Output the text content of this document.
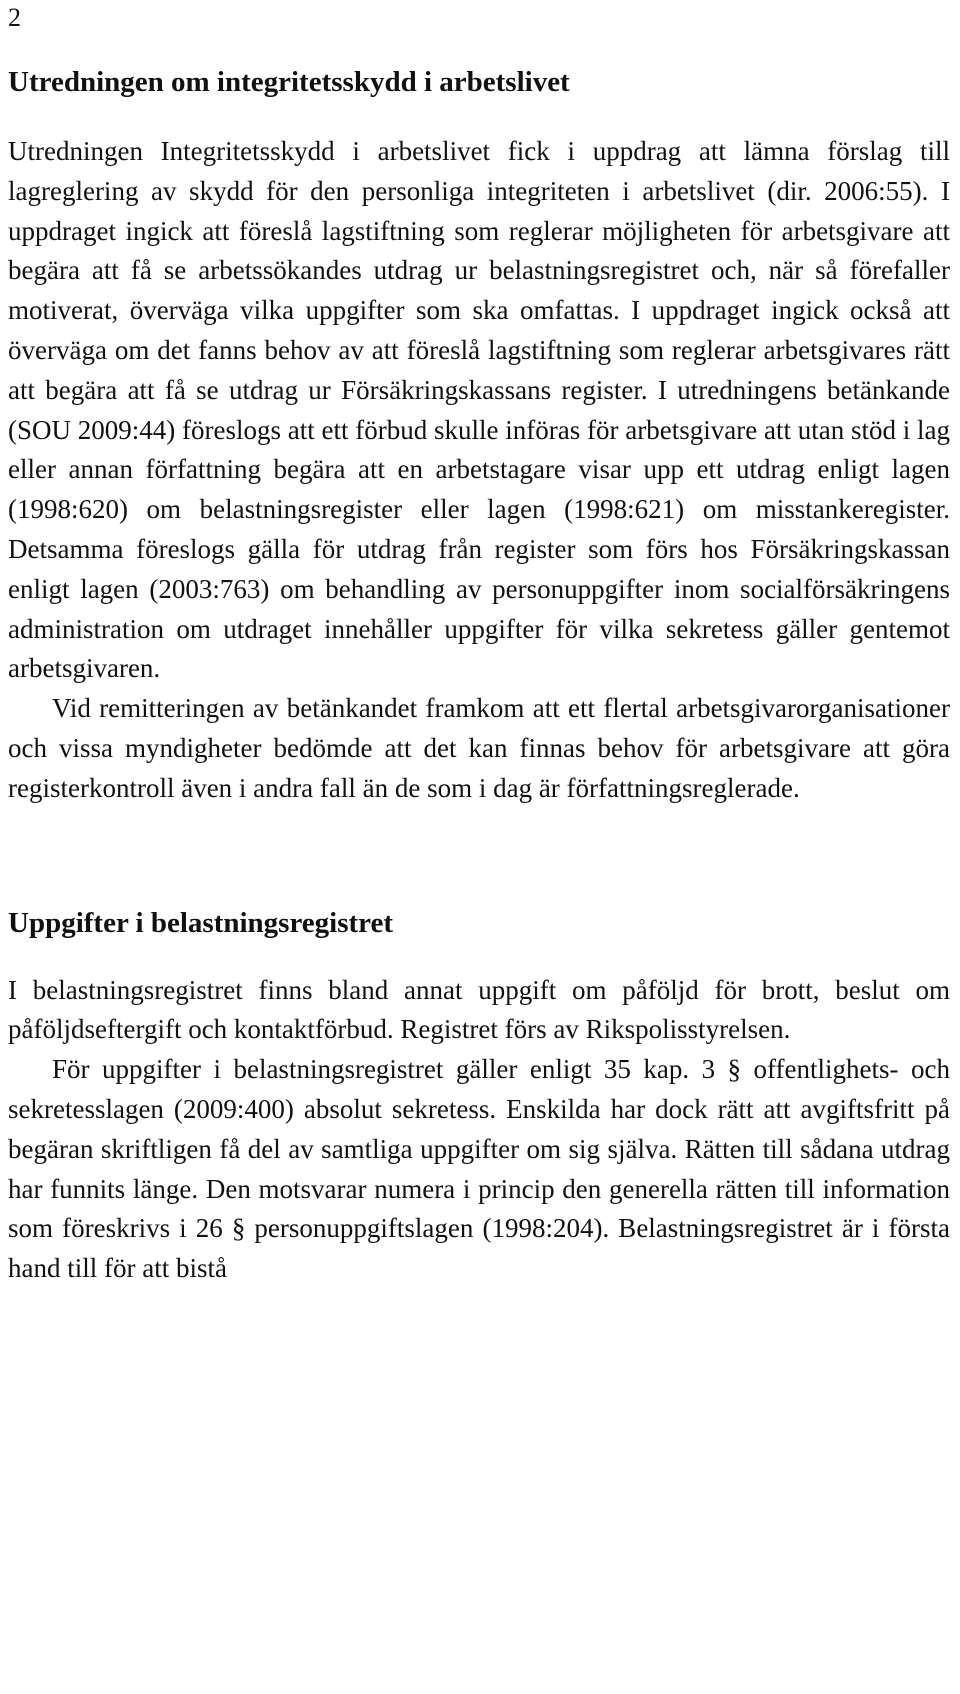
2
Utredningen om integritetsskydd i arbetslivet

Utredningen Integritetsskydd i arbetslivet fick i uppdrag att lämna förslag till lagreglering av skydd för den personliga integriteten i arbetslivet (dir. 2006:55). I uppdraget ingick att föreslå lagstiftning som reglerar möjligheten för arbetsgivare att begära att få se arbetssökandes utdrag ur belastningsregistret och, när så förefaller motiverat, överväga vilka uppgifter som ska omfattas. I uppdraget ingick också att överväga om det fanns behov av att föreslå lagstiftning som reglerar arbetsgivares rätt att begära att få se utdrag ur Försäkringskassans register. I utredningens betänkande (SOU 2009:44) föreslogs att ett förbud skulle införas för arbetsgivare att utan stöd i lag eller annan författning begära att en arbetstagare visar upp ett utdrag enligt lagen (1998:620) om belastningsregister eller lagen (1998:621) om misstankeregister. Detsamma föreslogs gälla för utdrag från register som förs hos Försäkringskassan enligt lagen (2003:763) om behandling av personuppgifter inom socialförsäkringens administration om utdraget innehåller uppgifter för vilka sekretess gäller gentemot arbetsgivaren.

Vid remitteringen av betänkandet framkom att ett flertal arbetsgivarorganisationer och vissa myndigheter bedömde att det kan finnas behov för arbetsgivare att göra registerkontroll även i andra fall än de som i dag är författningsreglerade.

Uppgifter i belastningsregistret

I belastningsregistret finns bland annat uppgift om påföljd för brott, beslut om påföljdseftergift och kontaktförbud. Registret förs av Rikspolisstyrelsen.

För uppgifter i belastningsregistret gäller enligt 35 kap. 3 § offentlighets- och sekretesslagen (2009:400) absolut sekretess. Enskilda har dock rätt att avgiftsfritt på begäran skriftligen få del av samtliga uppgifter om sig själva. Rätten till sådana utdrag har funnits länge. Den motsvarar numera i princip den generella rätten till information som föreskrivs i 26 § personuppgiftslagen (1998:204). Belastningsregistret är i första hand till för att bistå
